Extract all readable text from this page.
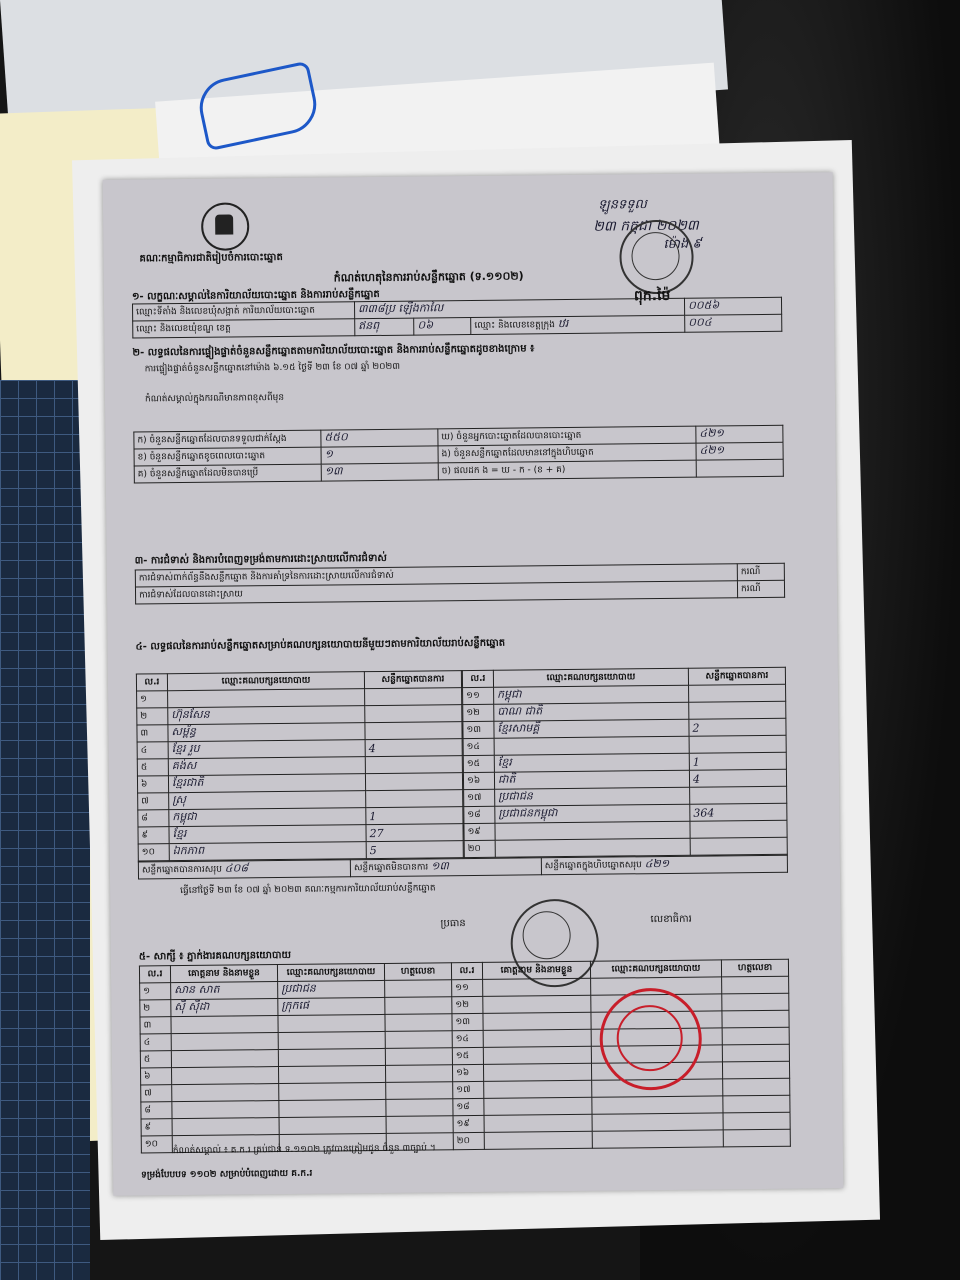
គណៈកម្មាធិការជាតិរៀបចំការបោះឆ្នោត
កំណត់ហេតុនៃការរាប់សន្លឹកឆ្នោត (ទ.១១០២)
ឡូនទទួល
២៣ កក្កដា ២០២៣
ម៉ោង ៩
ពុក.ម៉ៃ
១- លក្ខណៈសម្គាល់នៃការិយាល័យបោះឆ្នោត និងការរាប់សន្លឹកឆ្នោត
ឈ្មោះទីតាំង និងលេខឃុំសង្កាត់ ការិយាល័យបោះឆ្នោត	៣៣៨ប្រ ឡើងកាលៃ			០០៥៦
ឈ្មោះ និងលេខឃុំខណ្ឌ ខេត្ត	ឥនពុ	០៦	ឈ្មោះ និងលេខខេត្តក្រុង ឋរ	០០៤
២- លទ្ធផលនៃការផ្ទៀងផ្ទាត់ចំនួនសន្លឹកឆ្នោតតាមការិយាល័យបោះឆ្នោត និងការរាប់សន្លឹកឆ្នោតដូចខាងក្រោម ៖
ការផ្ទៀងផ្ទាត់ចំនួនសន្លឹកឆ្នោតនៅម៉ោង ៦.១៥ ថ្ងៃទី ២៣ ខែ ០៧ ឆ្នាំ ២០២៣
កំណត់សម្គាល់ក្នុងករណីមានភាពខុសពីមុន
ក) ចំនួនសន្លឹកឆ្នោតដែលបានទទួលជាក់ស្ដែង	៥៥០	ឃ) ចំនួនអ្នកបោះឆ្នោតដែលបានបោះឆ្នោត	៤២១
ខ) ចំនួនសន្លឹកឆ្នោតខូចពេលបោះឆ្នោត	១	ង) ចំនួនសន្លឹកឆ្នោតដែលមាននៅក្នុងហិបឆ្នោត	៤២១
គ) ចំនួនសន្លឹកឆ្នោតដែលមិនបានប្រើ	១៣	ច) ផលដក ង = ឃ - ក - (ខ + គ)	
៣- ការជំទាស់ និងការបំពេញទម្រង់តាមការដោះស្រាយលើការជំទាស់
ការជំទាស់ពាក់ព័ន្ធនឹងសន្លឹកឆ្នោត និងការគាំទ្រនៃការដោះស្រាយលើការជំទាស់	ករណី
ការជំទាស់ដែលបានដោះស្រាយ	ករណី
៤- លទ្ធផលនៃការរាប់សន្លឹកឆ្នោតសម្រាប់គណបក្សនយោបាយនីមួយៗតាមការិយាល័យរាប់សន្លឹកឆ្នោត
ល.រ	ឈ្មោះគណបក្សនយោបាយ	សន្លឹកឆ្នោតបានការ
១		
២	ហ៊ុនសែន	
៣	សម្ព័ន្ធ	
៤	ខ្មែរ រួប	4
៥	គង់ស	
៦	ខ្មែរជាតិ	
៧	ស្រុ	
៨	កម្ពុជា	1
៩	ខ្មែរ	27
១០	ឯកភាព	5
ល.រ	ឈ្មោះគណបក្សនយោបាយ	សន្លឹកឆ្នោតបានការ
១១	កម្ពុជា	
១២	បាណ ជាតិ	
១៣	ខ្មែរសាមគ្គី	2
១៤		
១៥	ខ្មែរ	1
១៦	ជាតិ	4
១៧	ប្រជាជន	
១៨	ប្រជាជនកម្ពុជា	364
១៩		
២០		
សន្លឹកឆ្នោតបានការសរុប ៤០៨	សន្លឹកឆ្នោតមិនបានការ ១៣	សន្លឹកឆ្នោតក្នុងហិបឆ្នោតសរុប ៤២១
ធ្វើនៅថ្ងៃទី ២៣ ខែ ០៧ ឆ្នាំ ២០២៣ គណៈកម្មការការិយាល័យរាប់សន្លឹកឆ្នោត
ប្រធាន	លេខាធិការ
៥- សាក្សី ៖ ភ្នាក់ងារគណបក្សនយោបាយ
ល.រ	គោត្តនាម និងនាមខ្លួន	ឈ្មោះគណបក្សនយោបាយ	ហត្ថលេខា	ល.រ	គោត្តនាម និងនាមខ្លួន	ឈ្មោះគណបក្សនយោបាយ	ហត្ថលេខា
១	សាន សាត	ប្រជាជន		១១			
២	ស៊ី ស៊ីដា	ក្រុកផេ		១២			
៣				១៣			
៤				១៤			
៥				១៥			
៦				១៦			
៧				១៧			
៨				១៨			
៩				១៩			
១០				២០			
កំណត់សម្គាល់ ៖ គ.ក.រ គ្រប់ជាន់ ទ.១១០២ ត្រូវបានត្រៀមជូន ចំនួន ៣ច្បាប់ ។
ទម្រង់បែបបទ ១១០២ សម្រាប់បំពេញដោយ គ.ក.រ
